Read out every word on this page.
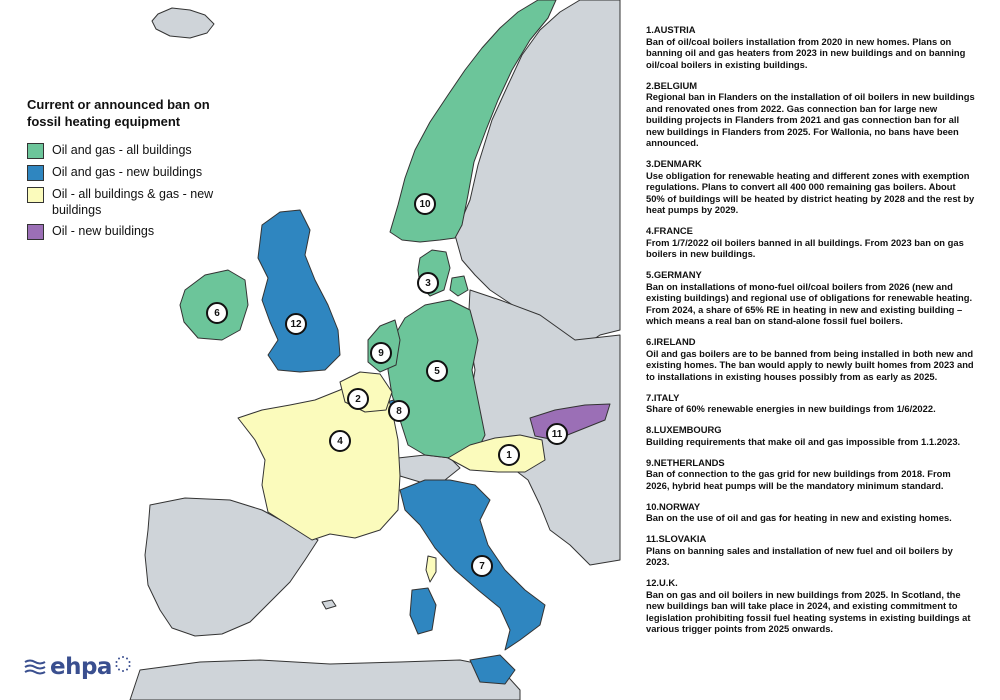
1
2
3
4
5
6
7
8
9
10
11
12
Current or announced ban on fossil heating equipment
Oil and gas - all buildings
Oil and gas - new buildings
Oil - all buildings & gas - new buildings
Oil - new buildings
1.AUSTRIA
Ban of oil/coal boilers installation from 2020 in new homes. Plans on banning oil and gas heaters from 2023 in new buildings and on banning oil/coal boilers in existing buildings.
2.BELGIUM
Regional ban in Flanders on the installation of oil boilers in new buildings and renovated ones from 2022. Gas connection ban for large new building projects in Flanders from 2021 and gas connection ban for all new buildings in Flanders from 2025. For Wallonia, no bans have been announced.
3.DENMARK
Use obligation for renewable heating and different zones with exemption regulations. Plans to convert all 400 000 remaining gas boilers. About 50% of buildings will be heated by district heating by 2028 and the rest by heat pumps by 2029.
4.FRANCE
From 1/7/2022 oil boilers banned in all buildings. From 2023 ban on gas boilers in new buildings.
5.GERMANY
Ban on installations of mono-fuel oil/coal boilers from 2026 (new and existing buildings) and regional use of obligations for renewable heating. From 2024, a share of 65% RE in heating in new and existing building – which means a real ban on stand-alone fossil fuel boilers.
6.IRELAND
Oil and gas boilers are to be banned from being installed in both new and existing homes. The ban would apply to newly built homes from 2023 and to installations in existing houses possibly from as early as 2025.
7.ITALY
Share of 60% renewable energies in new buildings from 1/6/2022.
8.LUXEMBOURG
Building requirements that make oil and gas impossible from 1.1.2023.
9.NETHERLANDS
Ban of connection to the gas grid for new buildings from 2018. From 2026, hybrid heat pumps will be the mandatory minimum standard.
10.NORWAY
Ban on the use of oil and gas for heating in new and existing homes.
11.SLOVAKIA
Plans on banning sales and installation of new fuel and oil boilers by 2023.
12.U.K.
Ban on gas and oil boilers in new buildings from 2025. In Scotland, the new buildings ban will take place in 2024, and existing commitment to legislation prohibiting fossil fuel heating systems in existing buildings at various trigger points from 2025 onwards.
ehpa
